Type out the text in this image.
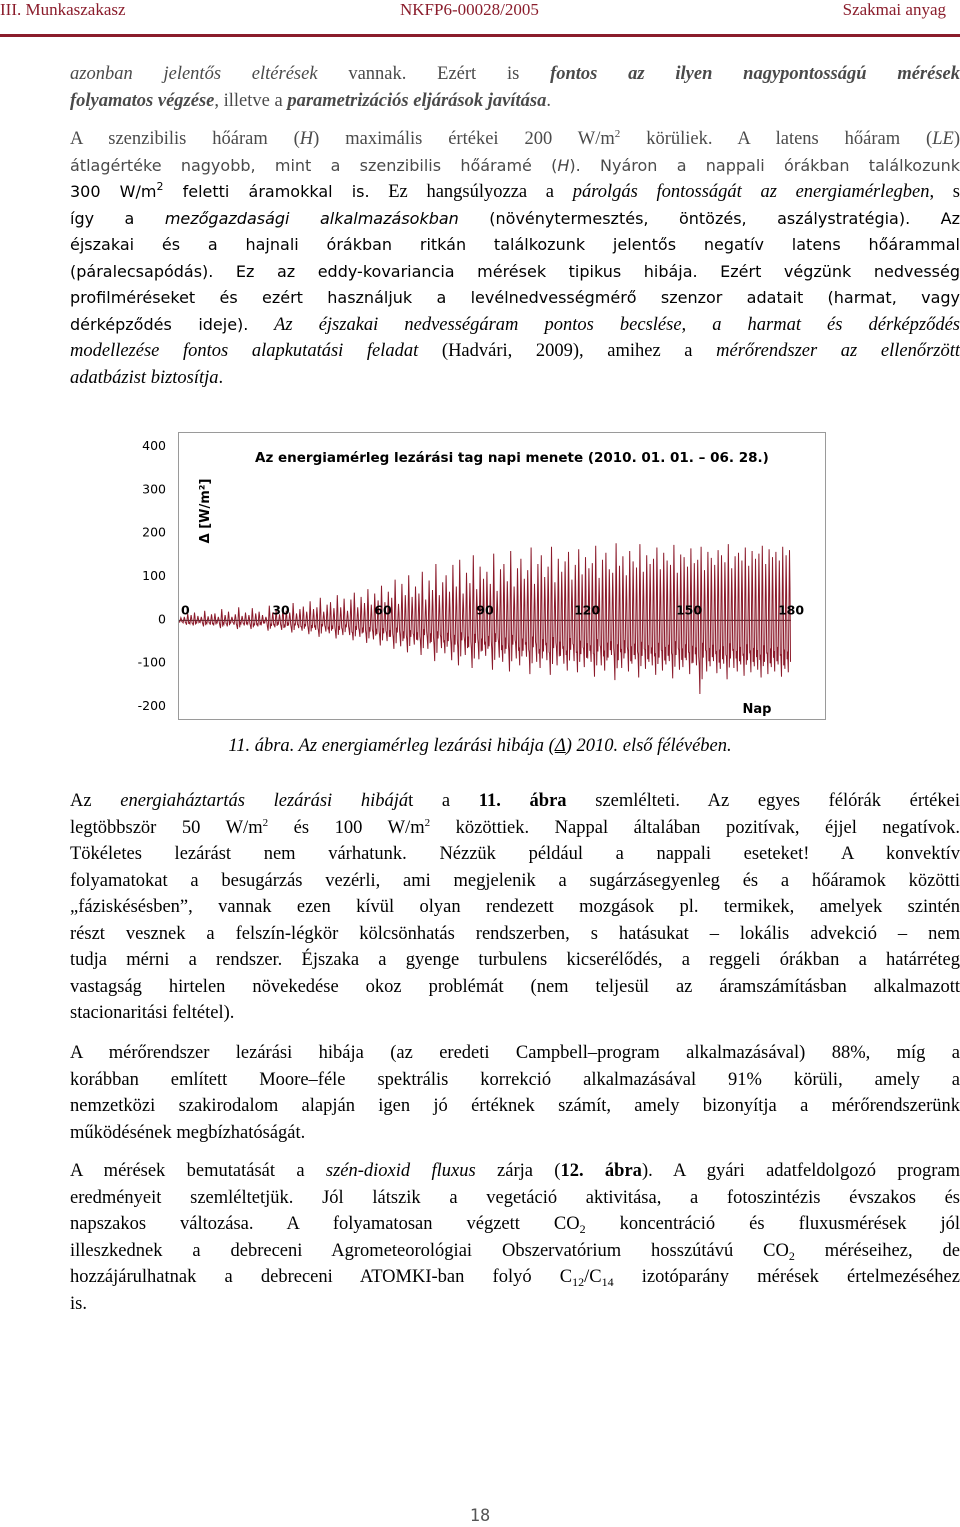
III. Munkaszakasz	NKFP6-00028/2005	Szakmai anyag
azonban jelentős eltérések vannak. Ezért is fontos az ilyen nagypontosságú mérések
folyamatos végzése, illetve a parametrizációs eljárások javítása.
A szenzibilis hőáram (H) maximális értékei 200 $W/m^2$ körüliek. A latens hőáram (LE)
átlagértéke nagyobb, mint a szenzibilis hőáramé (H). Nyáron a nappali órákban találkozunk
300 $W/m^2$ feletti áramokkal is. Ez hangsúlyozza a párolgás fontosságát az energiamérlegben, s
így a mezőgazdasági alkalmazásokban (növénytermesztés, öntözés, aszálystratégia). Az
éjszakai és a hajnali órákban ritkán találkozunk jelentős negatív latens hőárammal
(páralecsapódás). Ez az eddy-kovariancia mérések tipikus hibája. Ezért végzünk nedvesség
profilméréseket és ezért használjuk a levélnedvességmérő szenzor adatait (harmat, vagy
dérképződés ideje). Az éjszakai nedvességáram pontos becslése, a harmat és dérképződés
modellezése fontos alapkutatási feladat (Hadvári, 2009), amihez a mérőrendszer az ellenőrzött
adatbázist biztosítja.
0	30	60	90	120	150	180
Az energiamérleg lezárási tag napi menete (2010. 01. 01. – 06. 28.)
Δ [W/m²]
Nap
400
300
200
100
0
-100
-200
11. ábra. Az energiamérleg lezárási hibája (Δ) 2010. első félévében.
Az energiaháztartás lezárási hibáját a 11. ábra szemlélteti. Az egyes félórák értékei
legtöbbször 50 $W/m^2$ és 100 $W/m^2$ közöttiek. Nappal általában pozitívak, éjjel negatívok.
Tökéletes lezárást nem várhatunk. Nézzük például a nappali eseteket! A konvektív
folyamatokat a besugárzás vezérli, ami megjelenik a sugárzásegyenleg és a hőáramok közötti
„fáziskésésben”, vannak ezen kívül olyan rendezett mozgások pl. termikek, amelyek szintén
részt vesznek a felszín-légkör kölcsönhatás rendszerben, s hatásukat – lokális advekció – nem
tudja mérni a rendszer. Éjszaka a gyenge turbulens kicserélődés, a reggeli órákban a határréteg
vastagság hirtelen növekedése okoz problémát (nem teljesül az áramszámításban alkalmazott
stacionaritási feltétel).
A mérőrendszer lezárási hibája (az eredeti Campbell–program alkalmazásával) 88%, míg a
korábban említett Moore–féle spektrális korrekció alkalmazásával 91% körüli, amely a
nemzetközi szakirodalom alapján igen jó értéknek számít, amely bizonyítja a mérőrendszerünk
működésének megbízhatóságát.
A mérések bemutatását a szén-dioxid fluxus zárja (12. ábra). A gyári adatfeldolgozó program
eredményeit szemléltetjük. Jól látszik a vegetáció aktivitása, a fotoszintézis évszakos és
napszakos változása. A folyamatosan végzett $CO_2$ koncentráció és fluxusmérések jól
illeszkednek a debreceni Agrometeorológiai Obszervatórium hosszútávú $CO_2$ méréseihez, de
hozzájárulhatnak a debreceni ATOMKI-ban folyó $C_{12}/C_{14}$ izotóparány mérések értelmezéséhez
is.
18
